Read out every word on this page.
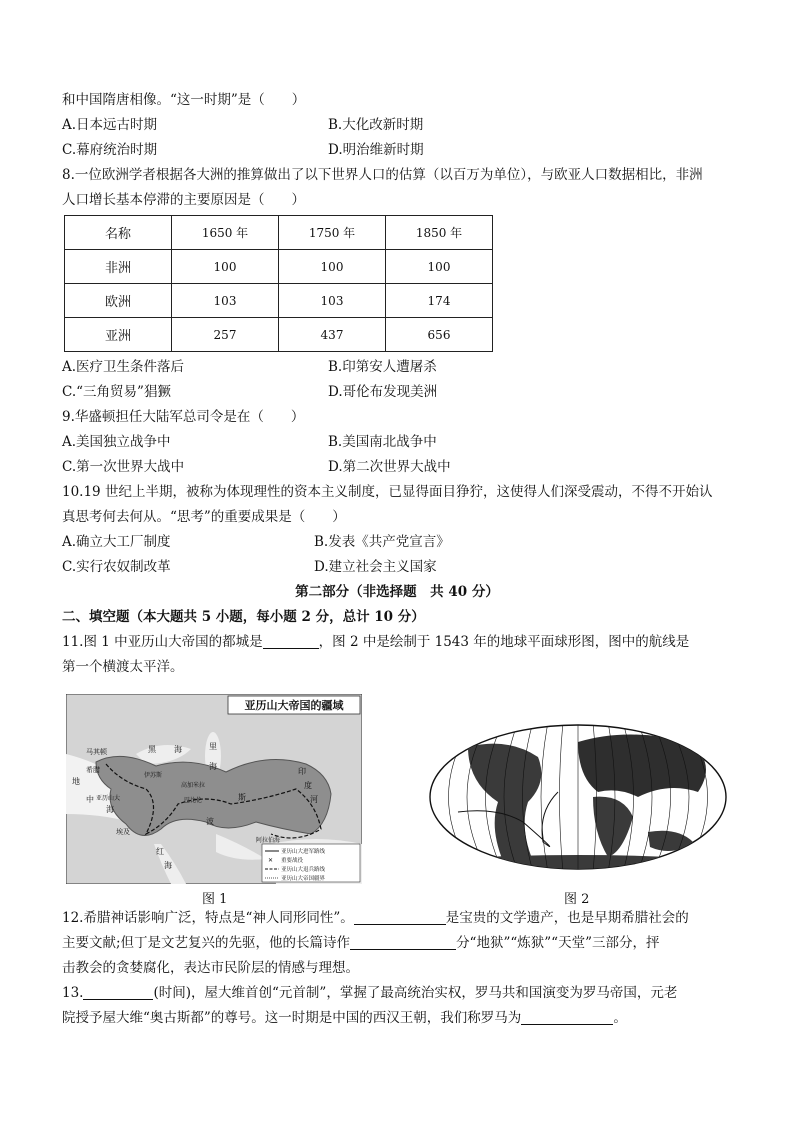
和中国隋唐相像。“这一时期”是（　　）
A.日本远古时期	B.大化改新时期
C.幕府统治时期	D.明治维新时期
8.一位欧洲学者根据各大洲的推算做出了以下世界人口的估算（以百万为单位），与欧亚人口数据相比，非洲
人口增长基本停滞的主要原因是（　　）
名称	1650 年	1750 年	1850 年
非洲	100	100	100
欧洲	103	103	174
亚洲	257	437	656
A.医疗卫生条件落后	B.印第安人遭屠杀
C.“三角贸易”猖獗	D.哥伦布发现美洲
9.华盛顿担任大陆军总司令是在（　　）
A.美国独立战争中	B.美国南北战争中
C.第一次世界大战中	D.第二次世界大战中
10.19 世纪上半期，被称为体现理性的资本主义制度，已显得面目狰狞，这使得人们深受震动，不得不开始认
真思考何去何从。“思考”的重要成果是（　　）
A.确立大工厂制度	B.发表《共产党宣言》
C.实行农奴制改革	D.建立社会主义国家
第二部分（非选择题　共 40 分）
二、填空题（本大题共 5 小题，每小题 2 分，总计 10 分）
11.图 1 中亚历山大帝国的都城是	，图 2 中是绘制于 1543 年的地球平面球形图，图中的航线是
第一个横渡太平洋。
亚历山大帝国的疆域
马其顿	黑 海	里
海
希腊
地
中
海
伊苏斯
高加米拉
亚历山大	巴比伦
波
斯
印
度
河
埃及
红
海
阿拉伯海
亚历山大进军路线
✕ 重要战役
亚历山大退兵路线
亚历山大帝国疆界
图 1	图 2
12.希腊神话影响广泛，特点是“神人同形同性”。	是宝贵的文学遗产，也是早期希腊社会的
主要文献;但丁是文艺复兴的先驱，他的长篇诗作	分“地狱”“炼狱”“天堂”三部分，抨
击教会的贪婪腐化，表达市民阶层的情感与理想。
13.	(时间)，屋大维首创“元首制”，掌握了最高统治实权，罗马共和国演变为罗马帝国，元老
院授予屋大维“奥古斯都”的尊号。这一时期是中国的西汉王朝，我们称罗马为	。
